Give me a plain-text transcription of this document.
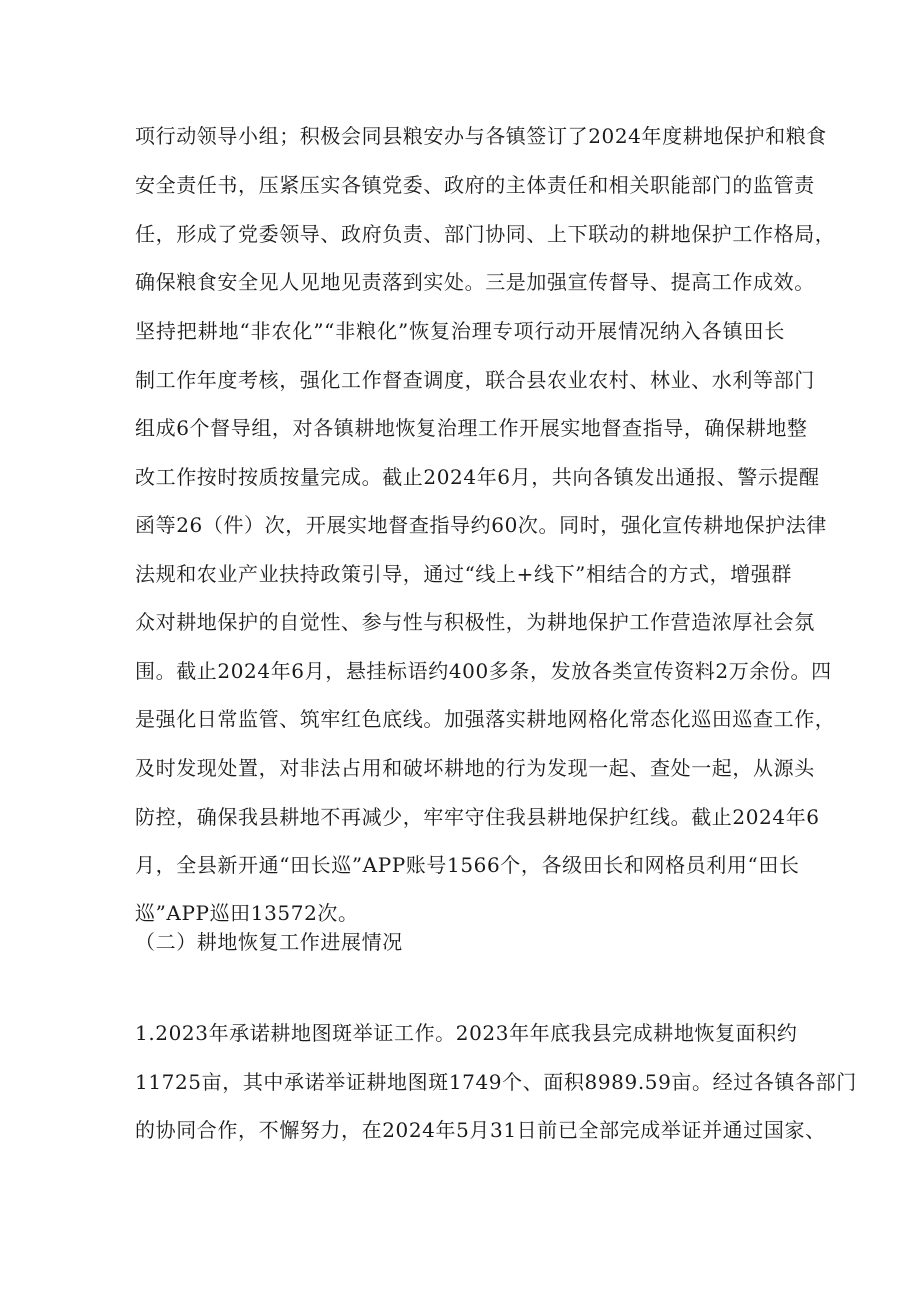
项行动领导小组；积极会同县粮安办与各镇签订了2024年度耕地保护和粮食
安全责任书，压紧压实各镇党委、政府的主体责任和相关职能部门的监管责
任，形成了党委领导、政府负责、部门协同、上下联动的耕地保护工作格局，
确保粮食安全见人见地见责落到实处。三是加强宣传督导、提高工作成效。
坚持把耕地“非农化”“非粮化”恢复治理专项行动开展情况纳入各镇田长
制工作年度考核，强化工作督查调度，联合县农业农村、林业、水利等部门
组成6个督导组，对各镇耕地恢复治理工作开展实地督查指导，确保耕地整
改工作按时按质按量完成。截止2024年6月，共向各镇发出通报、警示提醒
函等26（件）次，开展实地督查指导约60次。同时，强化宣传耕地保护法律
法规和农业产业扶持政策引导，通过“线上+线下”相结合的方式，增强群
众对耕地保护的自觉性、参与性与积极性，为耕地保护工作营造浓厚社会氛
围。截止2024年6月，悬挂标语约400多条，发放各类宣传资料2万余份。四
是强化日常监管、筑牢红色底线。加强落实耕地网格化常态化巡田巡查工作，
及时发现处置，对非法占用和破坏耕地的行为发现一起、查处一起，从源头
防控，确保我县耕地不再减少，牢牢守住我县耕地保护红线。截止2024年6
月，全县新开通“田长巡”APP账号1566个，各级田长和网格员利用“田长
巡”APP巡田13572次。
（二）耕地恢复工作进展情况
1.2023年承诺耕地图斑举证工作。2023年年底我县完成耕地恢复面积约
11725亩，其中承诺举证耕地图斑1749个、面积8989.59亩。经过各镇各部门
的协同合作，不懈努力，在2024年5月31日前已全部完成举证并通过国家、
